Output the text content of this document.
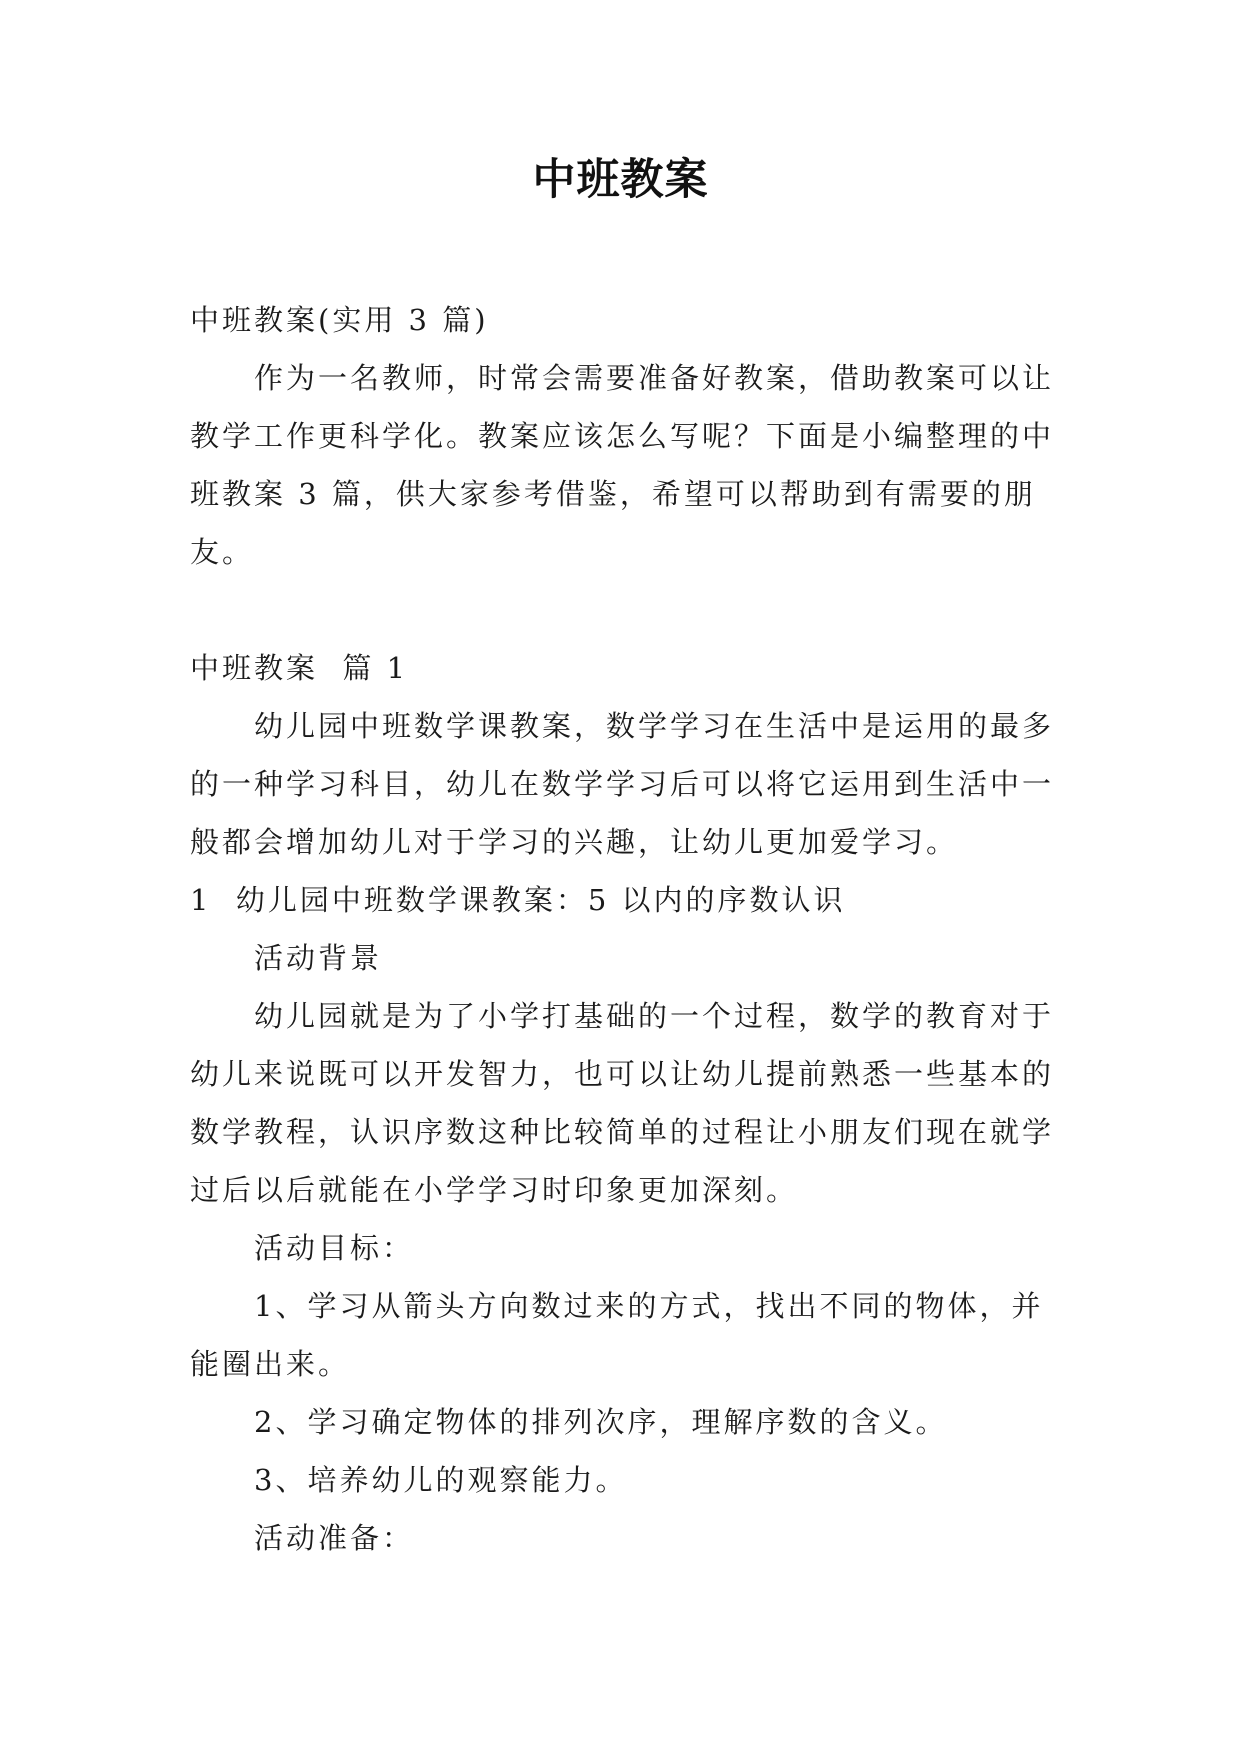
中班教案

中班教案(实用 3 篇)

作为一名教师，时常会需要准备好教案，借助教案可以让教学工作更科学化。教案应该怎么写呢？下面是小编整理的中班教案 3 篇，供大家参考借鉴，希望可以帮助到有需要的朋友。

中班教案  篇 1

幼儿园中班数学课教案，数学学习在生活中是运用的最多的一种学习科目，幼儿在数学学习后可以将它运用到生活中一般都会增加幼儿对于学习的兴趣，让幼儿更加爱学习。

1  幼儿园中班数学课教案：5 以内的序数认识

活动背景

幼儿园就是为了小学打基础的一个过程，数学的教育对于幼儿来说既可以开发智力，也可以让幼儿提前熟悉一些基本的数学教程，认识序数这种比较简单的过程让小朋友们现在就学过后以后就能在小学学习时印象更加深刻。

活动目标：

1、学习从箭头方向数过来的方式，找出不同的物体，并能圈出来。

2、学习确定物体的排列次序，理解序数的含义。

3、培养幼儿的观察能力。

活动准备：
